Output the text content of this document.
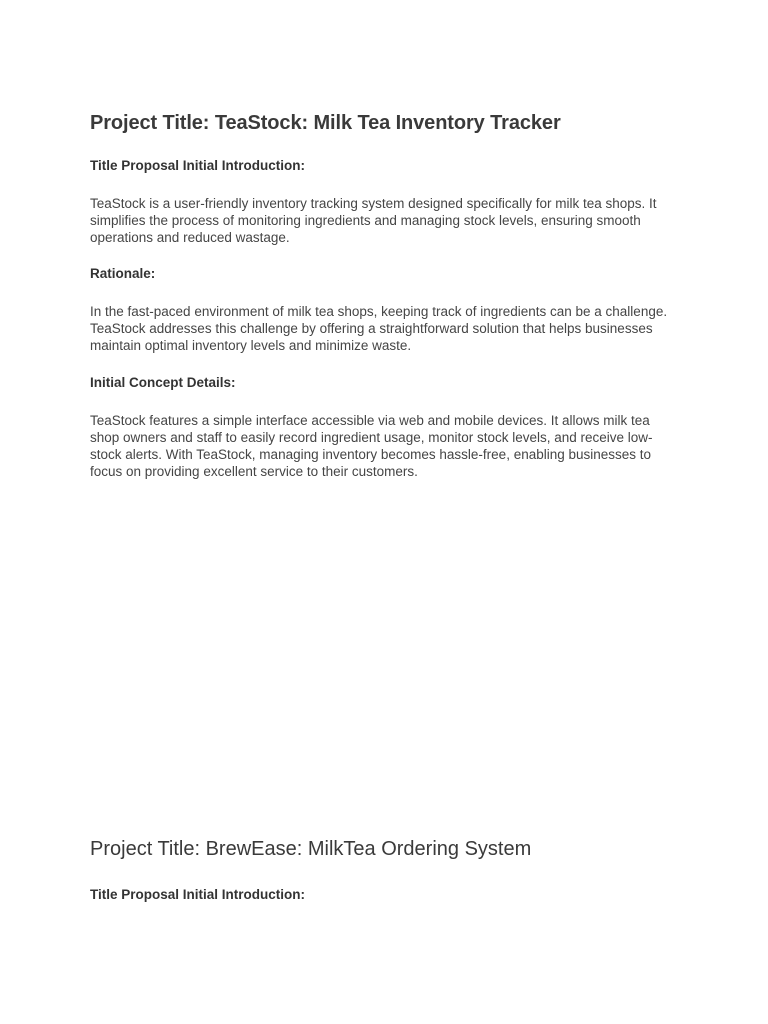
Project Title: TeaStock: Milk Tea Inventory Tracker
Title Proposal Initial Introduction:

TeaStock is a user-friendly inventory tracking system designed specifically for milk tea shops. It simplifies the process of monitoring ingredients and managing stock levels, ensuring smooth operations and reduced wastage.

Rationale:

In the fast-paced environment of milk tea shops, keeping track of ingredients can be a challenge. TeaStock addresses this challenge by offering a straightforward solution that helps businesses maintain optimal inventory levels and minimize waste.

Initial Concept Details:

TeaStock features a simple interface accessible via web and mobile devices. It allows milk tea shop owners and staff to easily record ingredient usage, monitor stock levels, and receive low-stock alerts. With TeaStock, managing inventory becomes hassle-free, enabling businesses to focus on providing excellent service to their customers.

Project Title: BrewEase: MilkTea Ordering System
Title Proposal Initial Introduction:
